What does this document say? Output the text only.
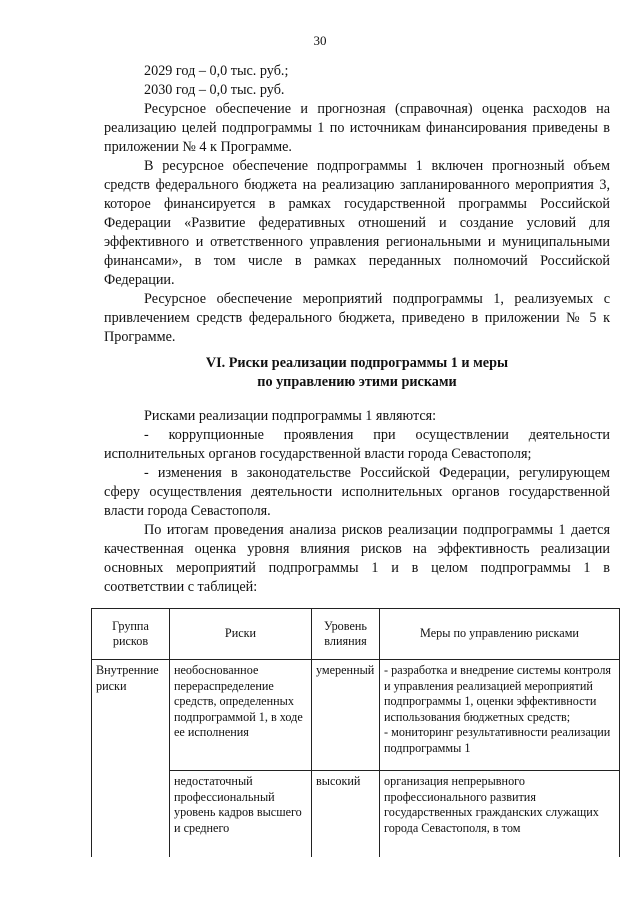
30

2029 год – 0,0 тыс. руб.;

2030 год – 0,0 тыс. руб.

Ресурсное обеспечение и прогнозная (справочная) оценка расходов на реализацию целей подпрограммы 1 по источникам финансирования приведены в приложении № 4 к Программе.

В ресурсное обеспечение подпрограммы 1 включен прогнозный объем средств федерального бюджета на реализацию запланированного мероприятия 3, которое финансируется в рамках государственной программы Российской Федерации «Развитие федеративных отношений и создание условий для эффективного и ответственного управления региональными и муниципальными финансами», в том числе в рамках переданных полномочий Российской Федерации.

Ресурсное обеспечение мероприятий подпрограммы 1, реализуемых с привлечением средств федерального бюджета, приведено в приложении № 5 к Программе.

VI. Риски реализации подпрограммы 1 и меры
по управлению этими рисками

Рисками реализации подпрограммы 1 являются:

- коррупционные проявления при осуществлении деятельности исполнительных органов государственной власти города Севастополя;

- изменения в законодательстве Российской Федерации, регулирующем сферу осуществления деятельности исполнительных органов государственной власти города Севастополя.

По итогам проведения анализа рисков реализации подпрограммы 1 дается качественная оценка уровня влияния рисков на эффективность реализации основных мероприятий подпрограммы 1 и в целом подпрограммы 1 в соответствии с таблицей:

Группа рисков	Риски	Уровень влияния	Меры по управлению рисками

Внутренние риски	необоснованное перераспределение средств, определенных подпрограммой 1, в ходе ее исполнения	умеренный	- разработка и внедрение системы контроля и управления реализацией мероприятий подпрограммы 1, оценки эффективности использования бюджетных средств;
- мониторинг результативности реализации подпрограммы 1

	недостаточный профессиональный уровень кадров высшего и среднего	высокий	организация непрерывного профессионального развития государственных гражданских служащих города Севастополя, в том
